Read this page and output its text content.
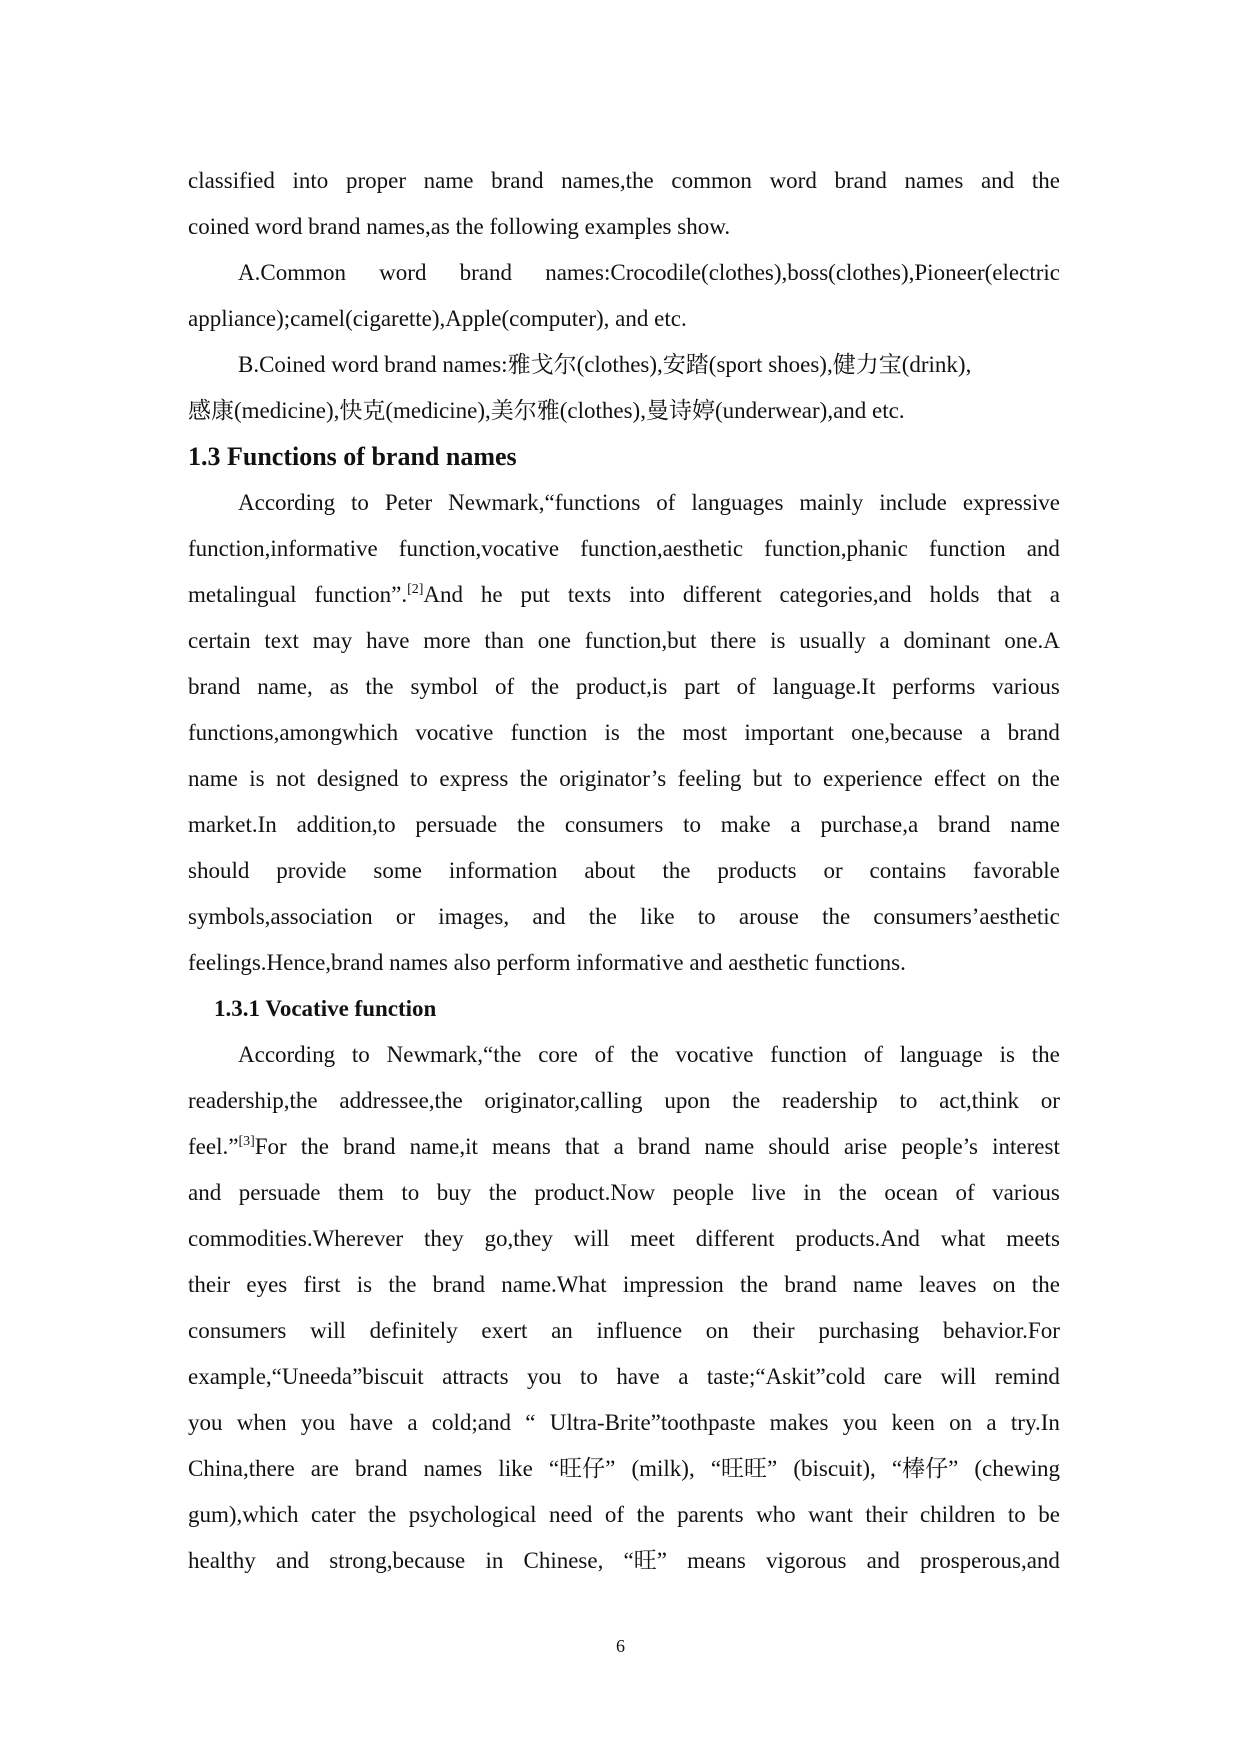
classified into proper name brand names,the common word brand names and the
coined word brand names,as the following examples show.
A.Common word brand names:Crocodile(clothes),boss(clothes),Pioneer(electric
appliance);camel(cigarette),Apple(computer), and etc.
B.Coined word brand names:雅戈尔(clothes),安踏(sport shoes),健力宝(drink),
感康(medicine),快克(medicine),美尔雅(clothes),曼诗婷(underwear),and etc.
1.3 Functions of brand names
According to Peter Newmark,“functions of languages mainly include expressive
function,informative function,vocative function,aesthetic function,phanic function and
metalingual function”.[2]And he put texts into different categories,and holds that a
certain text may have more than one function,but there is usually a dominant one.A
brand name, as the symbol of the product,is part of language.It performs various
functions,amongwhich vocative function is the most important one,because a brand
name is not designed to express the originator’s feeling but to experience effect on the
market.In addition,to persuade the consumers to make a purchase,a brand name
should provide some information about the products or contains favorable
symbols,association or images, and the like to arouse the consumers’aesthetic
feelings.Hence,brand names also perform informative and aesthetic functions.
1.3.1 Vocative function
According to Newmark,“the core of the vocative function of language is the
readership,the addressee,the originator,calling upon the readership to act,think or
feel.”[3]For the brand name,it means that a brand name should arise people’s interest
and persuade them to buy the product.Now people live in the ocean of various
commodities.Wherever they go,they will meet different products.And what meets
their eyes first is the brand name.What impression the brand name leaves on the
consumers will definitely exert an influence on their purchasing behavior.For
example,“Uneeda”biscuit attracts you to have a taste;“Askit”cold care will remind
you when you have a cold;and “ Ultra-Brite”toothpaste makes you keen on a try.In
China,there are brand names like “旺仔” (milk), “旺旺” (biscuit), “棒仔” (chewing
gum),which cater the psychological need of the parents who want their children to be
healthy and strong,because in Chinese, “旺” means vigorous and prosperous,and
6
